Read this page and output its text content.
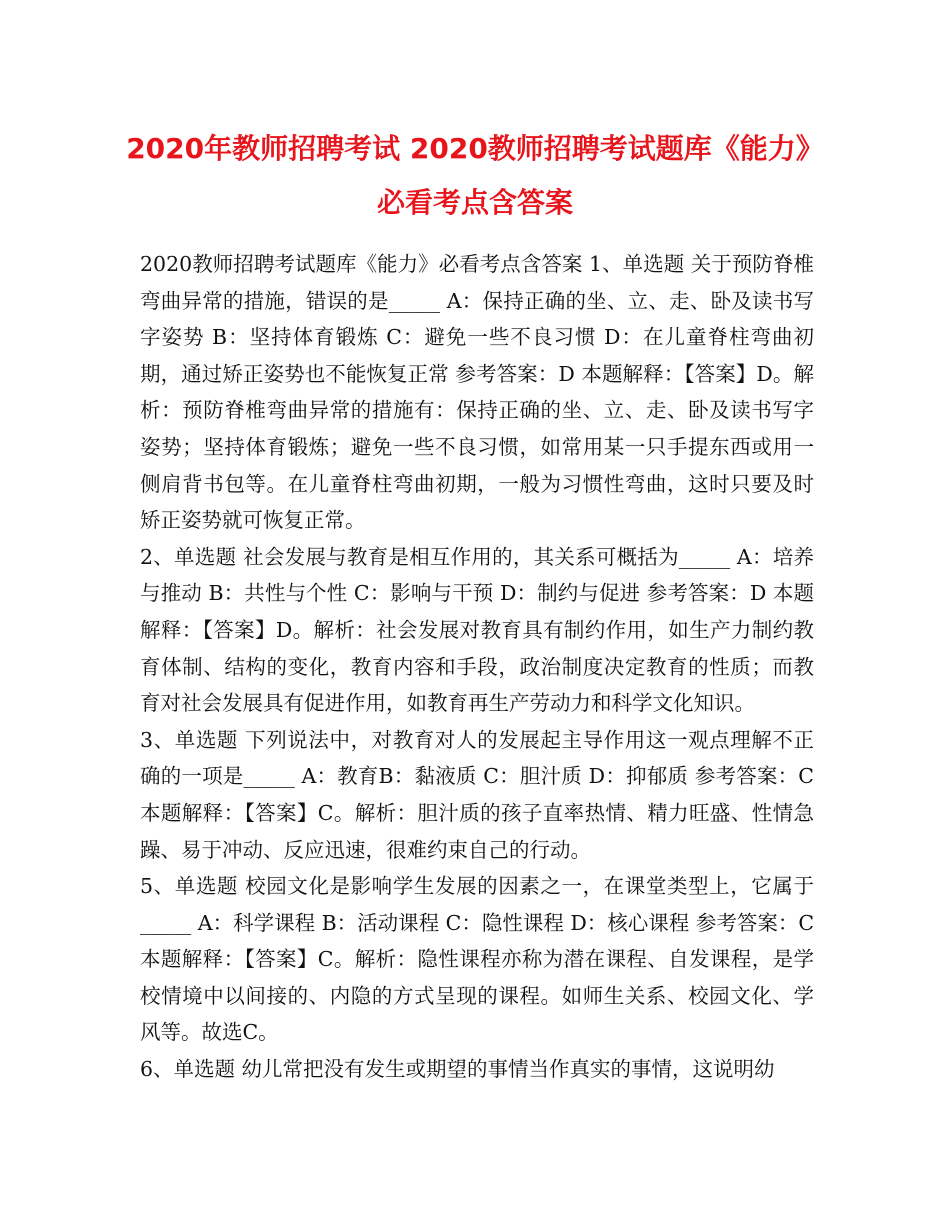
2020年教师招聘考试 2020教师招聘考试题库《能力》
必看考点含答案

2020教师招聘考试题库《能力》必看考点含答案 1、单选题 关于预防脊椎弯曲异常的措施，错误的是_____ A：保持正确的坐、立、走、卧及读书写字姿势 B：坚持体育锻炼 C：避免一些不良习惯 D：在儿童脊柱弯曲初期，通过矫正姿势也不能恢复正常 参考答案：D 本题解释：【答案】D。解析：预防脊椎弯曲异常的措施有：保持正确的坐、立、走、卧及读书写字姿势；坚持体育锻炼；避免一些不良习惯，如常用某一只手提东西或用一侧肩背书包等。在儿童脊柱弯曲初期，一般为习惯性弯曲，这时只要及时矫正姿势就可恢复正常。

2、单选题 社会发展与教育是相互作用的，其关系可概括为_____ A：培养与推动 B：共性与个性 C：影响与干预 D：制约与促进 参考答案：D 本题解释：【答案】D。解析：社会发展对教育具有制约作用，如生产力制约教育体制、结构的变化，教育内容和手段，政治制度决定教育的性质；而教育对社会发展具有促进作用，如教育再生产劳动力和科学文化知识。

3、单选题 下列说法中，对教育对人的发展起主导作用这一观点理解不正确的一项是_____ A：教育B：黏液质 C：胆汁质 D：抑郁质 参考答案：C 本题解释：【答案】C。解析：胆汁质的孩子直率热情、精力旺盛、性情急躁、易于冲动、反应迅速，很难约束自己的行动。

5、单选题 校园文化是影响学生发展的因素之一，在课堂类型上，它属于_____ A：科学课程 B：活动课程 C：隐性课程 D：核心课程 参考答案：C 本题解释：【答案】C。解析：隐性课程亦称为潜在课程、自发课程，是学校情境中以间接的、内隐的方式呈现的课程。如师生关系、校园文化、学风等。故选C。

6、单选题 幼儿常把没有发生或期望的事情当作真实的事情，这说明幼
